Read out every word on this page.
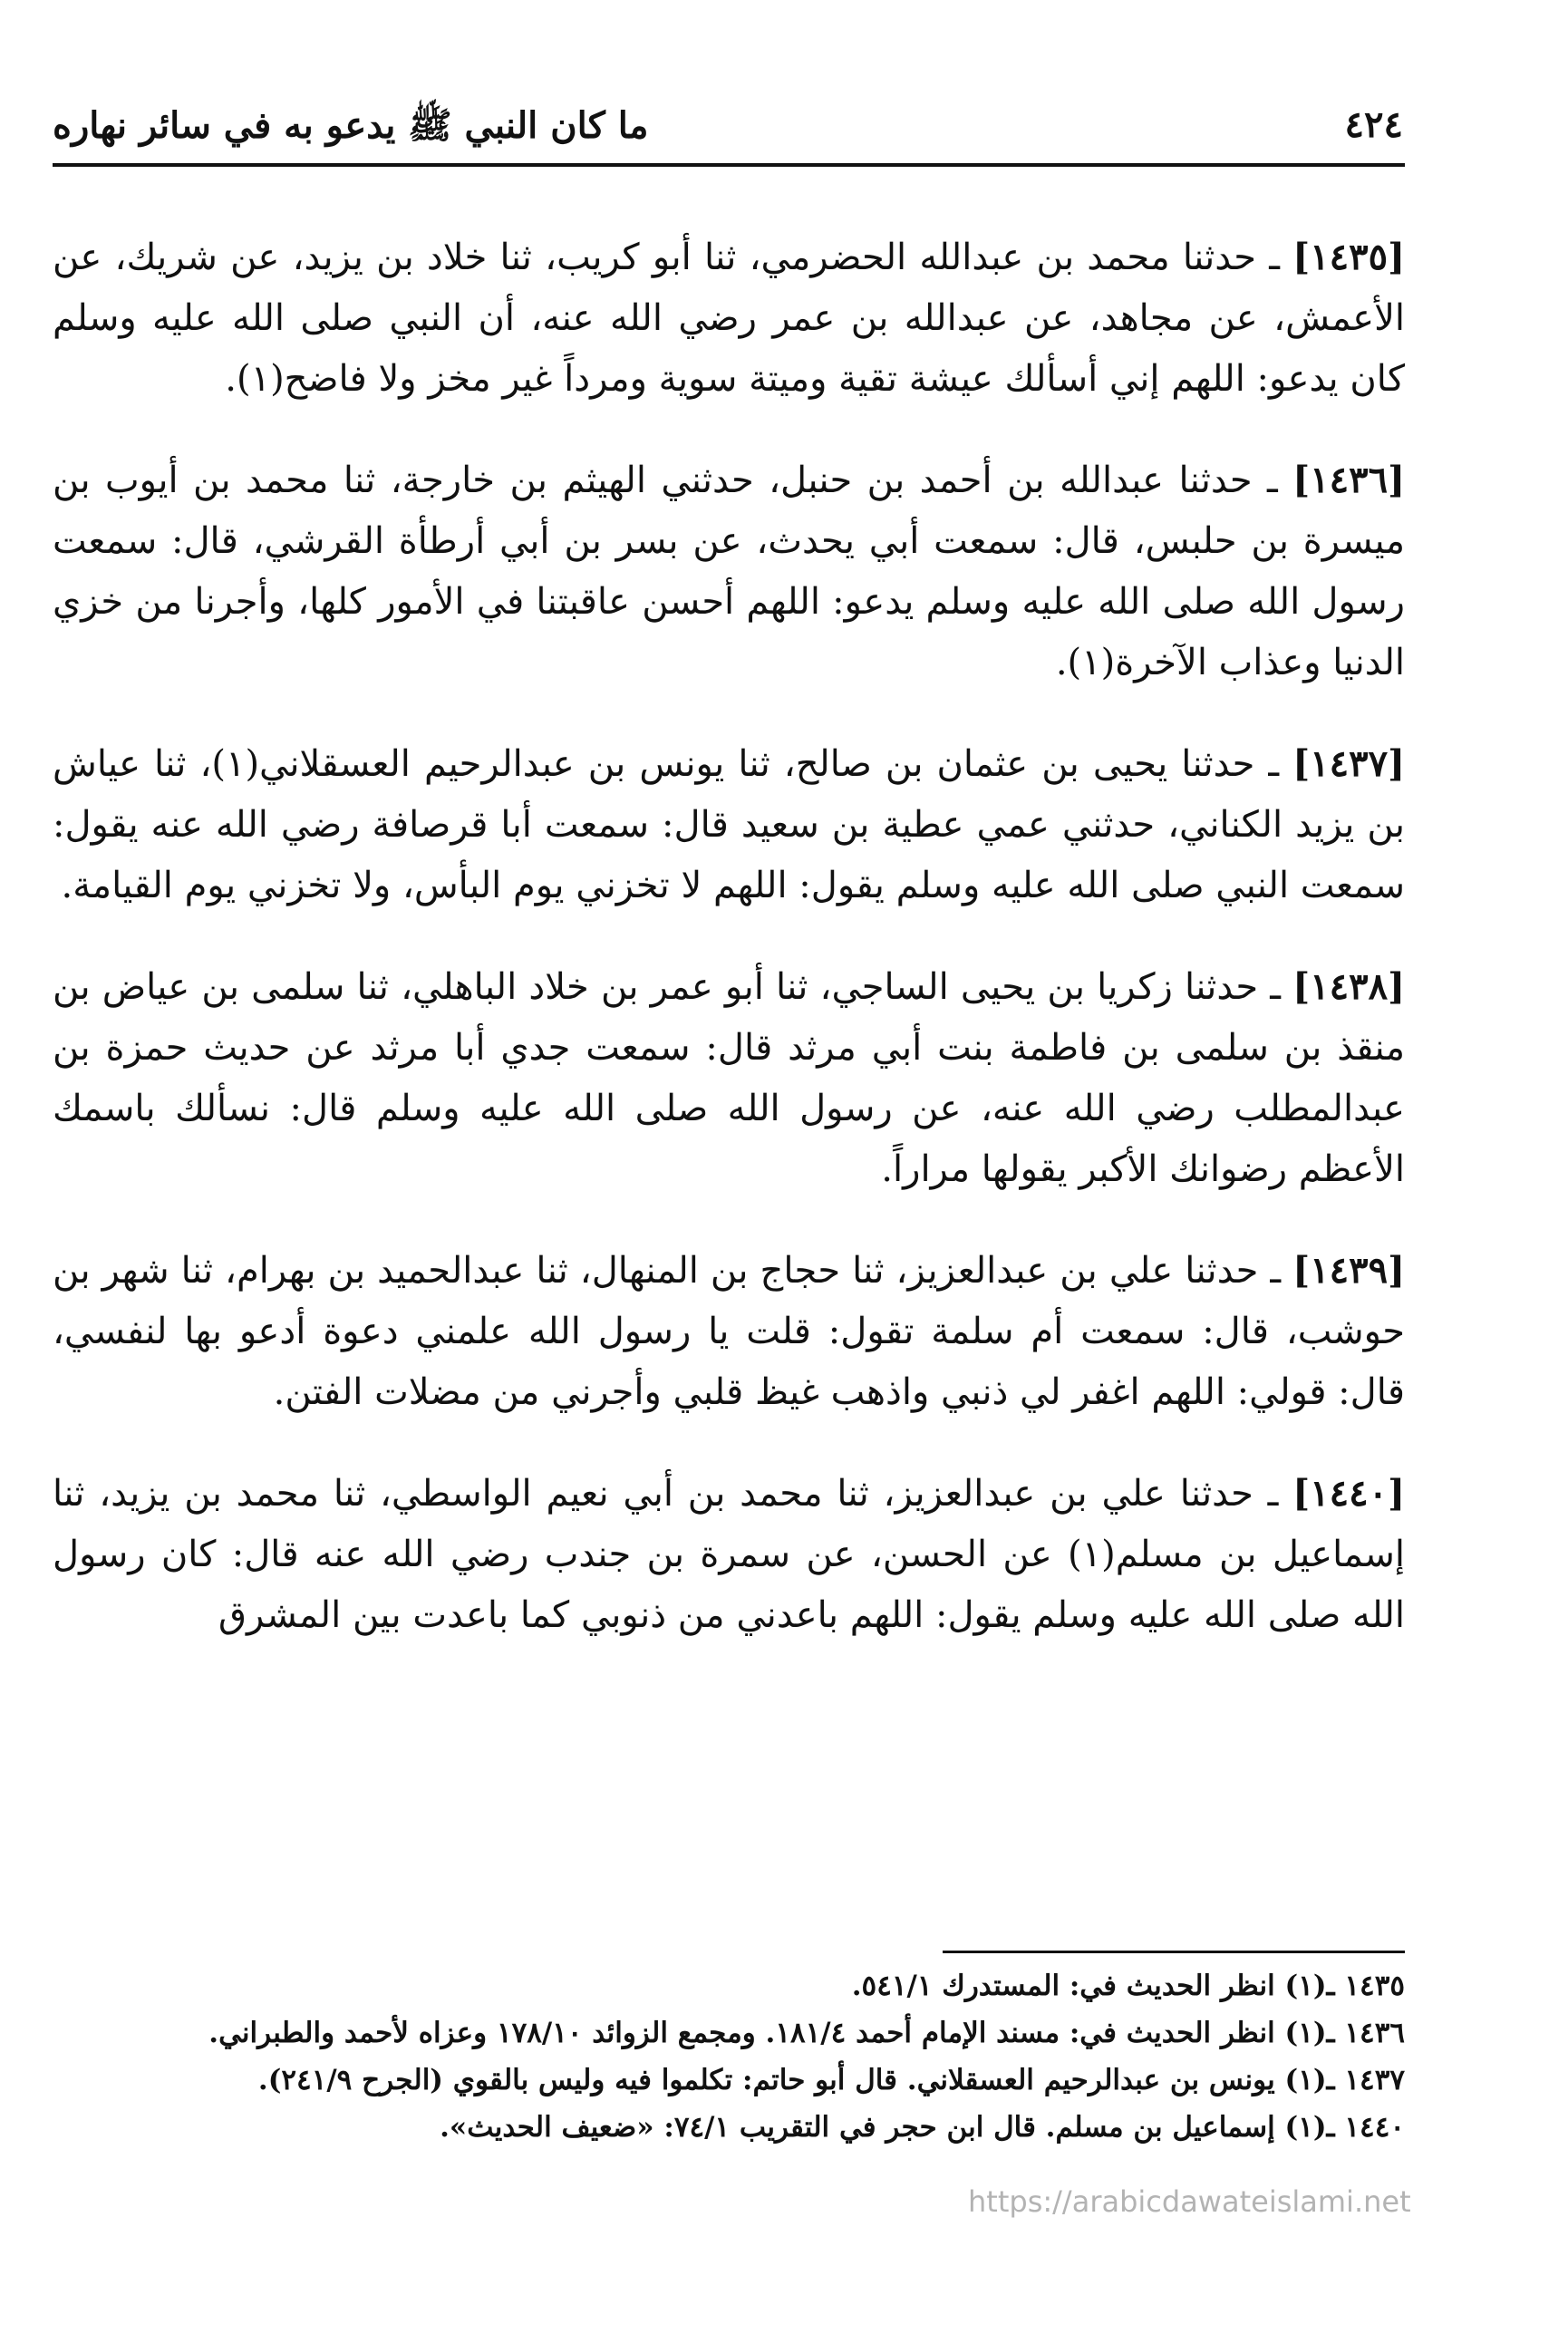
٤٢٤
ما كان النبي ﷺ يدعو به في سائر نهاره

[١٤٣٥] ـ حدثنا محمد بن عبدالله الحضرمي، ثنا أبو كريب، ثنا خلاد بن يزيد، عن شريك، عن الأعمش، عن مجاهد، عن عبدالله بن عمر رضي الله عنه، أن النبي صلى الله عليه وسلم كان يدعو: اللهم إني أسألك عيشة تقية وميتة سوية ومرداً غير مخز ولا فاضح(١).

[١٤٣٦] ـ حدثنا عبدالله بن أحمد بن حنبل، حدثني الهيثم بن خارجة، ثنا محمد بن أيوب بن ميسرة بن حلبس، قال: سمعت أبي يحدث، عن بسر بن أبي أرطأة القرشي، قال: سمعت رسول الله صلى الله عليه وسلم يدعو: اللهم أحسن عاقبتنا في الأمور كلها، وأجرنا من خزي الدنيا وعذاب الآخرة(١).

[١٤٣٧] ـ حدثنا يحيى بن عثمان بن صالح، ثنا يونس بن عبدالرحيم العسقلاني(١)، ثنا عياش بن يزيد الكناني، حدثني عمي عطية بن سعيد قال: سمعت أبا قرصافة رضي الله عنه يقول: سمعت النبي صلى الله عليه وسلم يقول: اللهم لا تخزني يوم البأس، ولا تخزني يوم القيامة.

[١٤٣٨] ـ حدثنا زكريا بن يحيى الساجي، ثنا أبو عمر بن خلاد الباهلي، ثنا سلمى بن عياض بن منقذ بن سلمى بن فاطمة بنت أبي مرثد قال: سمعت جدي أبا مرثد عن حديث حمزة بن عبدالمطلب رضي الله عنه، عن رسول الله صلى الله عليه وسلم قال: نسألك باسمك الأعظم رضوانك الأكبر يقولها مراراً.

[١٤٣٩] ـ حدثنا علي بن عبدالعزيز، ثنا حجاج بن المنهال، ثنا عبدالحميد بن بهرام، ثنا شهر بن حوشب، قال: سمعت أم سلمة تقول: قلت يا رسول الله علمني دعوة أدعو بها لنفسي، قال: قولي: اللهم اغفر لي ذنبي واذهب غيظ قلبي وأجرني من مضلات الفتن.

[١٤٤٠] ـ حدثنا علي بن عبدالعزيز، ثنا محمد بن أبي نعيم الواسطي، ثنا محمد بن يزيد، ثنا إسماعيل بن مسلم(١) عن الحسن، عن سمرة بن جندب رضي الله عنه قال: كان رسول الله صلى الله عليه وسلم يقول: اللهم باعدني من ذنوبي كما باعدت بين المشرق

١٤٣٥ ـ(١) انظر الحديث في: المستدرك ٥٤١/١.

١٤٣٦ ـ(١) انظر الحديث في: مسند الإمام أحمد ١٨١/٤. ومجمع الزوائد ١٧٨/١٠ وعزاه لأحمد والطبراني.

١٤٣٧ ـ(١) يونس بن عبدالرحيم العسقلاني. قال أبو حاتم: تكلموا فيه وليس بالقوي (الجرح ٢٤١/٩).

١٤٤٠ ـ(١) إسماعيل بن مسلم. قال ابن حجر في التقريب ٧٤/١: «ضعيف الحديث».

https://arabicdawateislami.net
